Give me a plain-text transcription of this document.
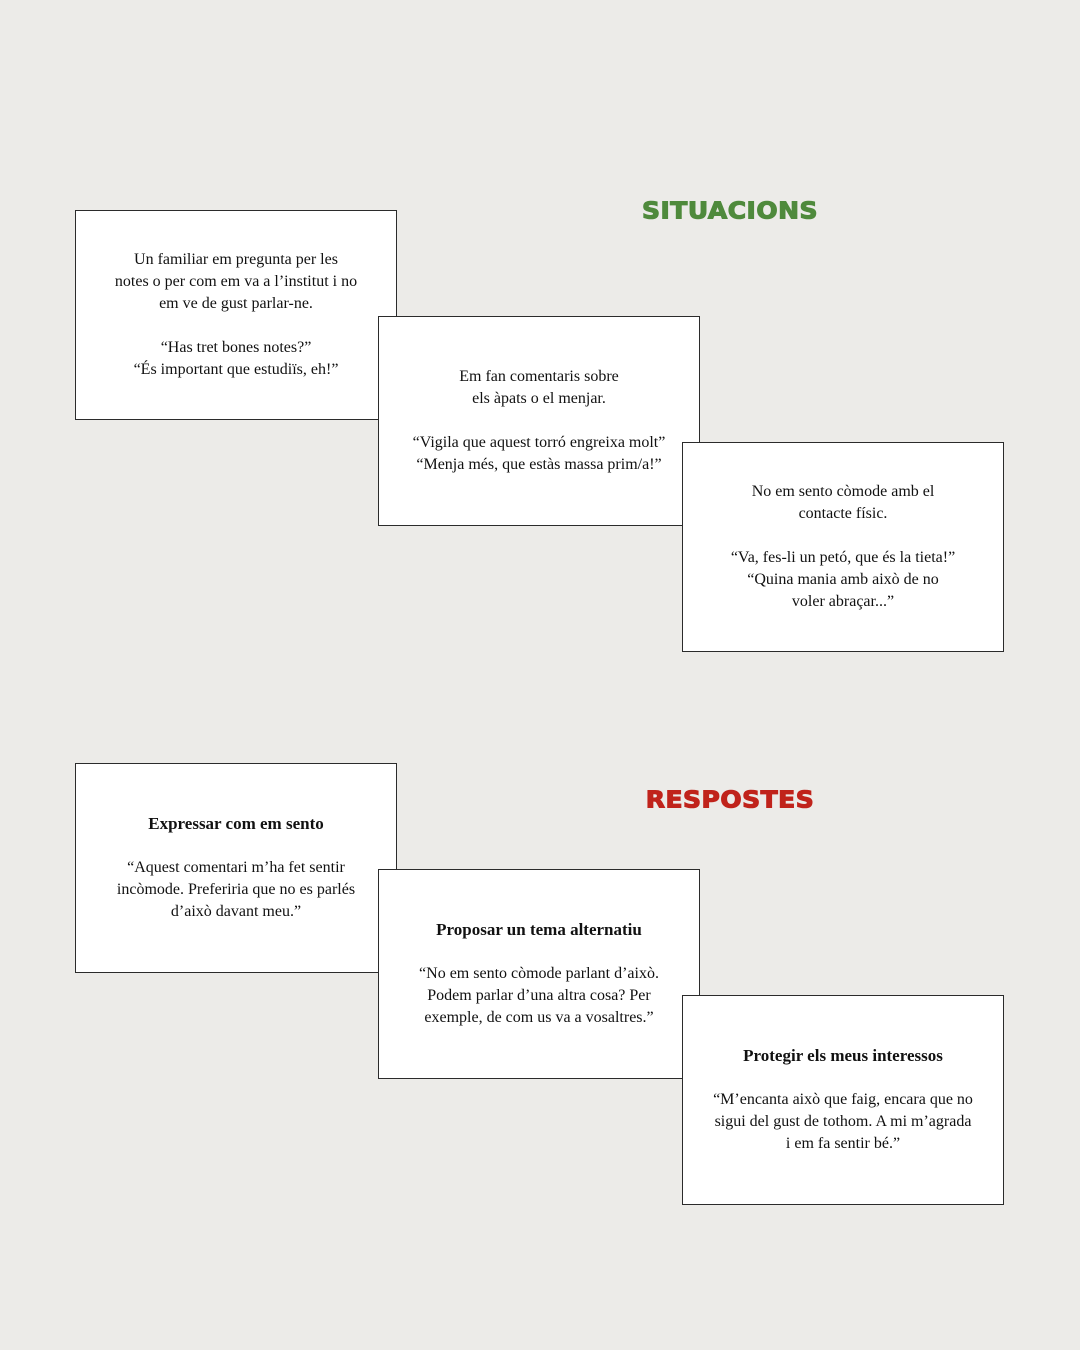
SITUACIONS
Un familiar em pregunta per les
notes o per com em va a l’institut i no
em ve de gust parlar-ne.
“Has tret bones notes?”
“És important que estudiïs, eh!”	Em fan comentaris sobre
els àpats o el menjar.
“Vigila que aquest torró engreixa molt”
“Menja més, que estàs massa prim/a!”
No em sento còmode amb el
contacte físic.
“Va, fes-li un petó, que és la tieta!”
“Quina mania amb això de no
voler abraçar...”
RESPOSTES
Expressar com em sento
“Aquest comentari m’ha fet sentir
incòmode. Preferiria que no es parlés
d’això davant meu.”
Proposar un tema alternatiu
“No em sento còmode parlant d’això.
Podem parlar d’una altra cosa? Per
exemple, de com us va a vosaltres.”
Protegir els meus interessos
“M’encanta això que faig, encara que no
sigui del gust de tothom. A mi m’agrada
i em fa sentir bé.”
